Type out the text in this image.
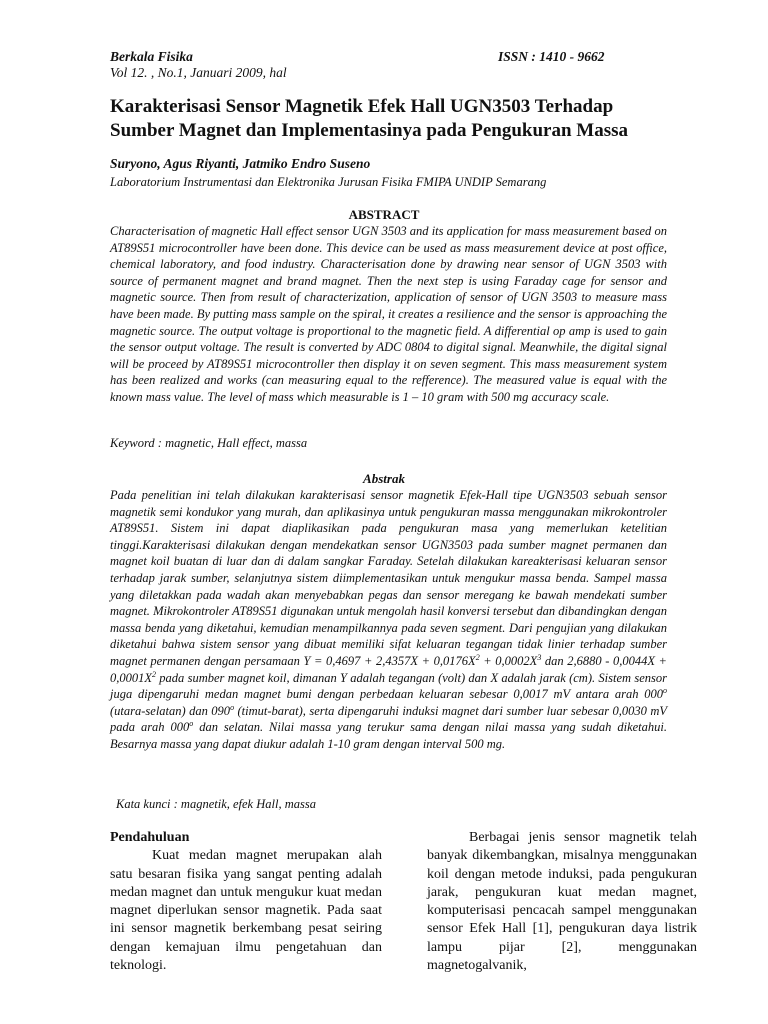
Berkala Fisika
Vol 12. , No.1, Januari 2009, hal
ISSN : 1410 - 9662
Karakterisasi Sensor Magnetik Efek Hall UGN3503 Terhadap Sumber Magnet dan Implementasinya pada Pengukuran Massa
Suryono, Agus Riyanti, Jatmiko Endro Suseno
Laboratorium Instrumentasi dan Elektronika Jurusan Fisika FMIPA UNDIP Semarang
ABSTRACT

Characterisation of magnetic Hall effect sensor UGN 3503 and its application for mass measurement based on AT89S51 microcontroller have been done. This device can be used as mass measurement device at post office, chemical laboratory, and food industry. Characterisation done by drawing near sensor of UGN 3503 with source of permanent magnet and brand magnet. Then the next step is using Faraday cage for sensor and magnetic source. Then from result of characterization, application of sensor of UGN 3503 to measure mass have been made. By putting mass sample on the spiral, it creates a resilience and the sensor is approaching the magnetic source. The output voltage is proportional to the magnetic field. A differential op amp is used to gain the sensor output voltage. The result is converted by ADC 0804 to digital signal. Meanwhile, the digital signal will be proceed by AT89S51 microcontroller then display it on seven segment. This mass measurement system has been realized and works (can measuring equal to the refference). The measured value is equal with the known mass value. The level of mass which measurable is 1 – 10 gram with 500 mg accuracy scale.

Keyword : magnetic, Hall effect, massa
Abstrak

Pada penelitian ini telah dilakukan karakterisasi sensor magnetik Efek-Hall tipe UGN3503 sebuah sensor magnetik semi kondukor yang murah, dan aplikasinya untuk pengukuran massa menggunakan mikrokontroler AT89S51. Sistem ini dapat diaplikasikan pada pengukuran masa yang memerlukan ketelitian tinggi.Karakterisasi dilakukan dengan mendekatkan sensor UGN3503 pada sumber magnet permanen dan magnet koil buatan di luar dan di dalam sangkar Faraday. Setelah dilakukan kareakterisasi keluaran sensor terhadap jarak sumber, selanjutnya sistem diimplementasikan untuk mengukur massa benda. Sampel massa yang diletakkan pada wadah akan menyebabkan pegas dan sensor meregang ke bawah mendekati sumber magnet. Mikrokontroler AT89S51 digunakan untuk mengolah hasil konversi tersebut dan dibandingkan dengan massa benda yang diketahui, kemudian menampilkannya pada seven segment. Dari pengujian yang dilakukan diketahui bahwa sistem sensor yang dibuat memiliki sifat keluaran tegangan tidak linier terhadap sumber magnet permanen dengan persamaan $Y = 0,4697 + 2,4357X + 0,0176X^2 + 0,0002X^3$ dan $2,6880 - 0,0044X + 0,0001X^2$ pada sumber magnet koil, dimanan Y adalah tegangan (volt) dan X adalah jarak (cm). Sistem sensor juga dipengaruhi medan magnet bumi dengan perbedaan keluaran sebesar 0,0017 mV antara arah 000$^o$ (utara-selatan) dan 090$^o$ (timut-barat), serta dipengaruhi induksi magnet dari sumber luar sebesar 0,0030 mV pada arah 000$^o$ dan selatan. Nilai massa yang terukur sama dengan nilai massa yang sudah diketahui. Besarnya massa yang dapat diukur adalah 1-10 gram dengan interval 500 mg.

Kata kunci : magnetik, efek Hall, massa
Pendahuluan
Kuat medan magnet merupakan alah satu besaran fisika yang sangat penting adalah medan magnet dan untuk mengukur kuat medan magnet diperlukan sensor magnetik. Pada saat ini sensor magnetik berkembang pesat seiring dengan kemajuan ilmu pengetahuan dan teknologi.
Berbagai jenis sensor magnetik telah banyak dikembangkan, misalnya menggunakan koil dengan metode induksi, pada pengukuran jarak, pengukuran kuat medan magnet, komputerisasi pencacah sampel menggunakan sensor Efek Hall [1], pengukuran daya listrik lampu pijar [2], menggunakan magnetogalvanik,
